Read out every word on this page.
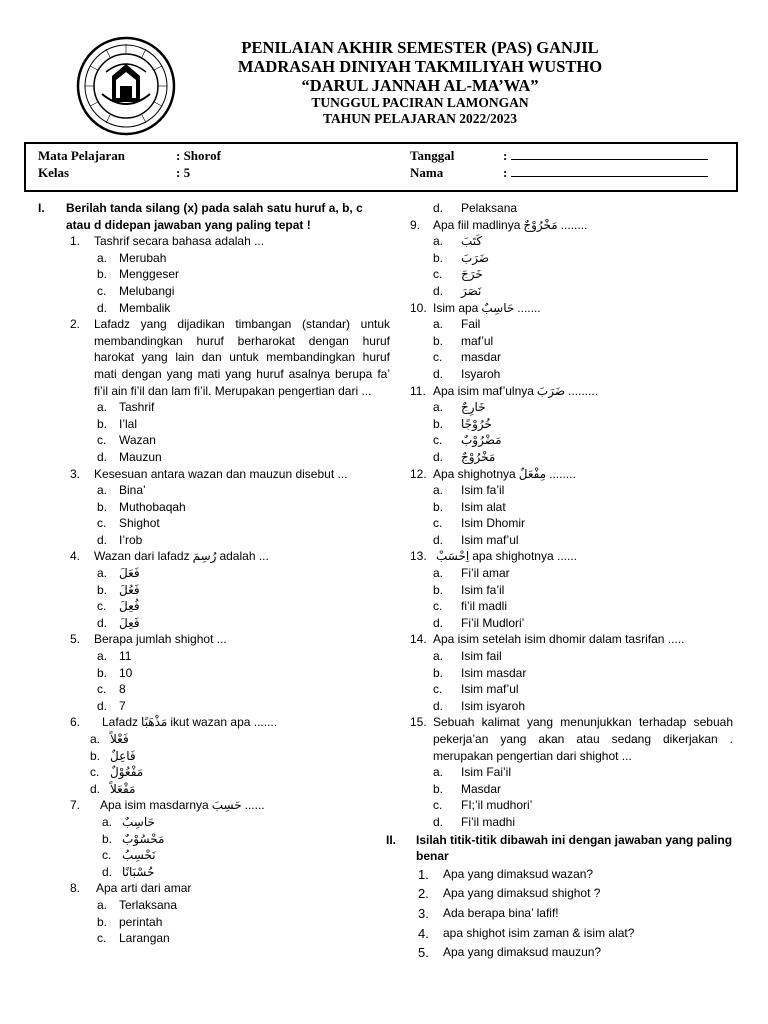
PENILAIAN AKHIR SEMESTER (PAS) GANJIL
MADRASAH DINIYAH TAKMILIYAH WUSTHO
“DARUL JANNAH AL-MA’WA”
TUNGGUL PACIRAN LAMONGAN
TAHUN PELAJARAN 2022/2023
Mata Pelajaran	: Shorof
Kelas	: 5
Tanggal	:
Nama	:
I. Berilah tanda silang (x) pada salah satu huruf a, b, c atau d didepan jawaban yang paling tepat !
1. Tashrif secara bahasa adalah ...
a. Merubah
b. Menggeser
c. Melubangi
d. Membalik
2. Lafadz yang dijadikan timbangan (standar) untuk membandingkan huruf berharokat dengan huruf harokat yang lain dan untuk membandingkan huruf mati dengan yang mati yang huruf asalnya berupa fa’ fi’il ain fi’il dan lam fi’il. Merupakan pengertian dari ...
a. Tashrif
b. I’lal
c. Wazan
d. Mauzun
3. Kesesuan antara wazan dan mauzun disebut ...
a. Bina’
b. Muthobaqah
c. Shighot
d. I’rob
4. Wazan dari lafadz رُسِمَ adalah ...
a. فَعَلَ
b. فَعُلَ
c. فُعِلَ
d. فَعِلَ
5. Berapa jumlah shighot ...
a. 11
b. 10
c. 8
d. 7
6. Lafadz مَذْهَبًا ikut wazan apa .......
a. فَعْلاً
b. فَاعِلٌ
c. مَفْعُوْلٌ
d. مَفْعَلاً
7. Apa isim masdarnya حَسِبَ ......
a. حَاسِبٌ
b. مَحْسُوْبٌ
c. نَحْسِبُ
d. حُسْبَانًا
8. Apa arti dari amar
a. Terlaksana
b. perintah
c. Larangan
d. Pelaksana
9. Apa fiil madlinya مَخْرُوْجٌ ........
a. كَتَبَ
b. ضَرَبَ
c. خَرَجَ
d. نَصَرَ
10. Isim apa حَاسِبٌ .......
a. Fail
b. maf’ul
c. masdar
d. Isyaroh
11. Apa isim maf’ulnya ضَرَبَ .........
a. خَارِجٌ
b. خُرُوْجًا
c. مَضْرُوْبٌ
d. مَخْرُوْجٌ
12. Apa shighotnya مِفْعَلٌ ........
a. Isim fa’il
b. Isim alat
c. Isim Dhomir
d. Isim maf’ul
13. اِحْسَبْ apa shighotnya ......
a. Fi’il amar
b. Isim fa’il
c. fi’il madli
d. Fi’il Mudlori’
14. Apa isim setelah isim dhomir dalam tasrifan .....
a. Isim fail
b. Isim masdar
c. Isim maf’ul
d. Isim isyaroh
15. Sebuah kalimat yang menunjukkan terhadap sebuah pekerja’an yang akan atau sedang dikerjakan . merupakan pengertian dari shighot ...
a. Isim Fai’il
b. Masdar
c. FI;’il mudhori’
d. Fi’il madhi
II. Isilah titik-titik dibawah ini dengan jawaban yang paling benar
1. Apa yang dimaksud wazan?
2. Apa yang dimaksud shighot ?
3. Ada berapa bina’ lafif!
4. apa shighot isim zaman & isim alat?
5. Apa yang dimaksud mauzun?
